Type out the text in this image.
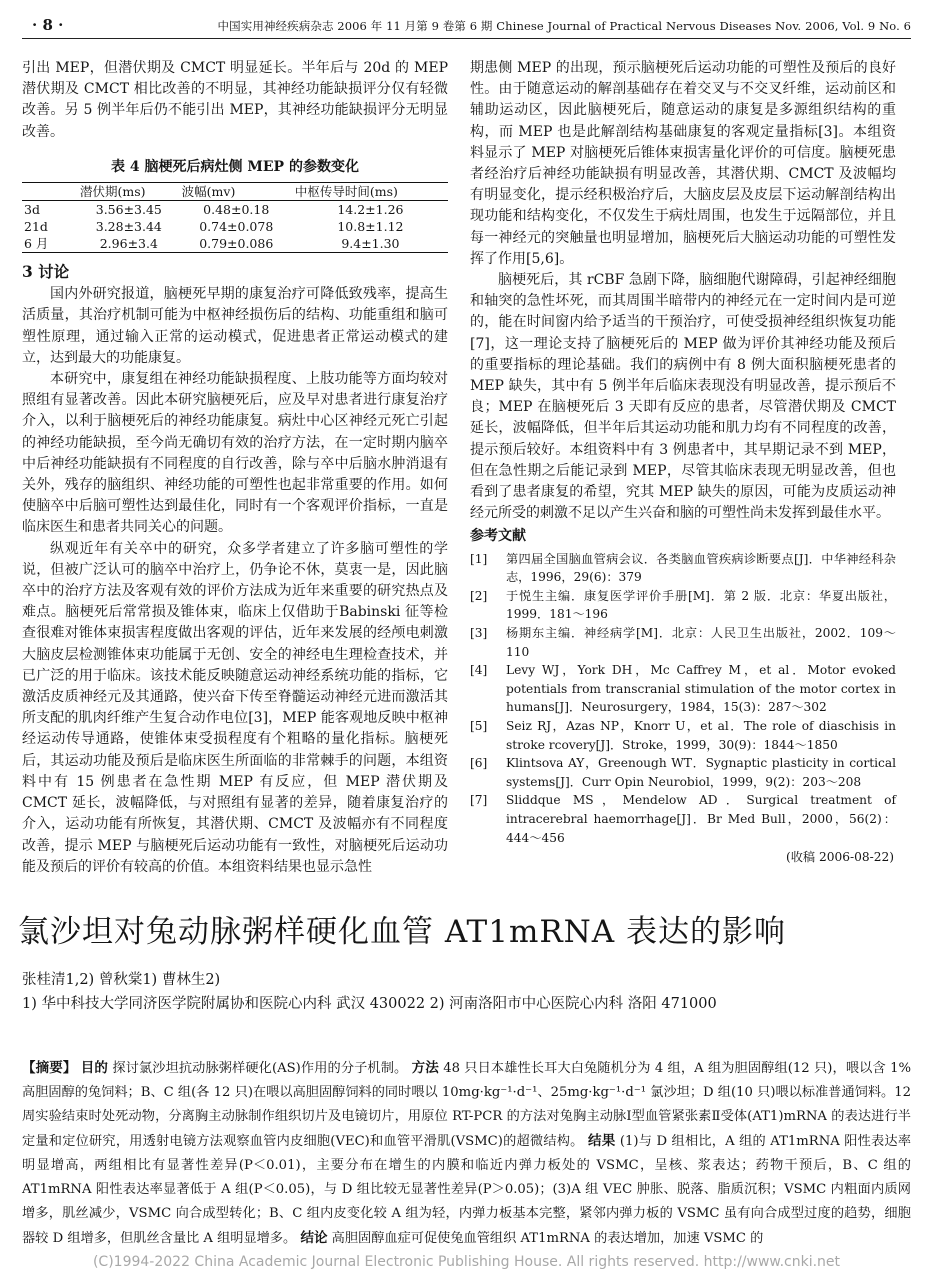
· 8 ·	中国实用神经疾病杂志 2006 年 11 月第 9 卷第 6 期 Chinese Journal of Practical Nervous Diseases Nov. 2006, Vol. 9 No. 6

引出 MEP，但潜伏期及 CMCT 明显延长。半年后与 20d 的 MEP 潜伏期及 CMCT 相比改善的不明显，其神经功能缺损评分仅有轻微改善。另 5 例半年后仍不能引出 MEP，其神经功能缺损评分无明显改善。

表 4 脑梗死后病灶侧 MEP 的参数变化
	潜伏期(ms)	波幅(mv)	中枢传导时间(ms)
3d	3.56±3.45	0.48±0.18	14.2±1.26
21d	3.28±3.44	0.74±0.078	10.8±1.12
6 月	2.96±3.4	0.79±0.086	9.4±1.30
3 讨论

国内外研究报道，脑梗死早期的康复治疗可降低致残率，提高生活质量，其治疗机制可能为中枢神经损伤后的结构、功能重组和脑可塑性原理，通过输入正常的运动模式，促进患者正常运动模式的建立，达到最大的功能康复。

本研究中，康复组在神经功能缺损程度、上肢功能等方面均较对照组有显著改善。因此本研究脑梗死后，应及早对患者进行康复治疗介入，以利于脑梗死后的神经功能康复。病灶中心区神经元死亡引起的神经功能缺损，至今尚无确切有效的治疗方法，在一定时期内脑卒中后神经功能缺损有不同程度的自行改善，除与卒中后脑水肿消退有关外，残存的脑组织、神经功能的可塑性也起非常重要的作用。如何使脑卒中后脑可塑性达到最佳化，同时有一个客观评价指标，一直是临床医生和患者共同关心的问题。

纵观近年有关卒中的研究，众多学者建立了许多脑可塑性的学说，但被广泛认可的脑卒中治疗上，仍争论不休，莫衷一是，因此脑卒中的治疗方法及客观有效的评价方法成为近年来重要的研究热点及难点。脑梗死后常常损及锥体束，临床上仅借助于Babinski 征等检查很难对锥体束损害程度做出客观的评估，近年来发展的经颅电刺激大脑皮层检测锥体束功能属于无创、安全的神经电生理检查技术，并已广泛的用于临床。该技术能反映随意运动神经系统功能的指标，它激活皮质神经元及其通路，使兴奋下传至脊髓运动神经元进而激活其所支配的肌肉纤维产生复合动作电位[3]，MEP 能客观地反映中枢神经运动传导通路，使锥体束受损程度有个粗略的量化指标。脑梗死后，其运动功能及预后是临床医生所面临的非常棘手的问题，本组资料中有 15 例患者在急性期 MEP 有反应，但 MEP 潜伏期及 CMCT 延长，波幅降低，与对照组有显著的差异，随着康复治疗的介入，运动功能有所恢复，其潜伏期、CMCT 及波幅亦有不同程度改善，提示 MEP 与脑梗死后运动功能有一致性，对脑梗死后运动功能及预后的评价有较高的价值。本组资料结果也显示急性

期患侧 MEP 的出现，预示脑梗死后运动功能的可塑性及预后的良好性。由于随意运动的解剖基础存在着交叉与不交叉纤维，运动前区和辅助运动区，因此脑梗死后，随意运动的康复是多源组织结构的重构，而 MEP 也是此解剖结构基础康复的客观定量指标[3]。本组资料显示了 MEP 对脑梗死后锥体束损害量化评价的可信度。脑梗死患者经治疗后神经功能缺损有明显改善，其潜伏期、CMCT 及波幅均有明显变化，提示经积极治疗后，大脑皮层及皮层下运动解剖结构出现功能和结构变化，不仅发生于病灶周围，也发生于远隔部位，并且每一神经元的突触量也明显增加，脑梗死后大脑运动功能的可塑性发挥了作用[5,6]。

脑梗死后，其 rCBF 急剧下降，脑细胞代谢障碍，引起神经细胞和轴突的急性坏死，而其周围半暗带内的神经元在一定时间内是可逆的，能在时间窗内给予适当的干预治疗，可使受损神经组织恢复功能[7]，这一理论支持了脑梗死后的 MEP 做为评价其神经功能及预后的重要指标的理论基础。我们的病例中有 8 例大面积脑梗死患者的 MEP 缺失，其中有 5 例半年后临床表现没有明显改善，提示预后不良；MEP 在脑梗死后 3 天即有反应的患者，尽管潜伏期及 CMCT 延长，波幅降低，但半年后其运动功能和肌力均有不同程度的改善，提示预后较好。本组资料中有 3 例患者中，其早期记录不到 MEP，但在急性期之后能记录到 MEP，尽管其临床表现无明显改善，但也看到了患者康复的希望，究其 MEP 缺失的原因，可能为皮质运动神经元所受的刺激不足以产生兴奋和脑的可塑性尚未发挥到最佳水平。

参考文献
[1]	第四届全国脑血管病会议．各类脑血管疾病诊断要点[J]．中华神经科杂志，1996，29(6)：379
[2]	于悦生主编．康复医学评价手册[M]．第 2 版．北京：华夏出版社，1999．181～196
[3]	杨期东主编．神经病学[M]．北京：人民卫生出版社，2002．109～110
[4]	Levy WJ，York DH，Mc Caffrey M，et al．Motor evoked potentials from transcranial stimulation of the motor cortex in humans[J]．Neurosurgery，1984，15(3)：287～302
[5]	Seiz RJ，Azas NP，Knorr U，et al．The role of diaschisis in stroke rcovery[J]．Stroke，1999，30(9)：1844～1850
[6]	Klintsova AY，Greenough WT．Sygnaptic plasticity in cortical systems[J]．Curr Opin Neurobiol，1999，9(2)：203～208
[7]	Sliddque MS，Mendelow AD．Surgical treatment of intracerebral haemorrhage[J]．Br Med Bull，2000，56(2)：444～456
(收稿 2006-08-22)
氯沙坦对兔动脉粥样硬化血管 AT1mRNA 表达的影响
张桂清1,2) 曾秋棠1) 曹林生2)
1) 华中科技大学同济医学院附属协和医院心内科 武汉 430022 2) 河南洛阳市中心医院心内科 洛阳 471000
【摘要】 目的 探讨氯沙坦抗动脉粥样硬化(AS)作用的分子机制。 方法 48 只日本雄性长耳大白兔随机分为 4 组，A 组为胆固醇组(12 只)，喂以含 1% 高胆固醇的兔饲料；B、C 组(各 12 只)在喂以高胆固醇饲料的同时喂以 10mg·kg⁻¹·d⁻¹、25mg·kg⁻¹·d⁻¹ 氯沙坦；D 组(10 只)喂以标准普通饲料。12 周实验结束时处死动物，分离胸主动脉制作组织切片及电镜切片，用原位 RT-PCR 的方法对兔胸主动脉Ⅰ型血管紧张素Ⅱ受体(AT1)mRNA 的表达进行半定量和定位研究，用透射电镜方法观察血管内皮细胞(VEC)和血管平滑肌(VSMC)的超微结构。 结果 (1)与 D 组相比，A 组的 AT1mRNA 阳性表达率明显增高，两组相比有显著性差异(P＜0.01)，主要分布在增生的内膜和临近内弹力板处的 VSMC，呈核、浆表达；药物干预后，B、C 组的 AT1mRNA 阳性表达率显著低于 A 组(P＜0.05)，与 D 组比较无显著性差异(P＞0.05)；(3)A 组 VEC 肿胀、脱落、脂质沉积；VSMC 内粗面内质网增多，肌丝减少，VSMC 向合成型转化；B、C 组内皮变化较 A 组为轻，内弹力板基本完整，紧邻内弹力板的 VSMC 虽有向合成型过度的趋势，细胞器较 D 组增多，但肌丝含量比 A 组明显增多。 结论 高胆固醇血症可促使兔血管组织 AT1mRNA 的表达增加，加速 VSMC 的
(C)1994-2022 China Academic Journal Electronic Publishing House. All rights reserved. http://www.cnki.net
